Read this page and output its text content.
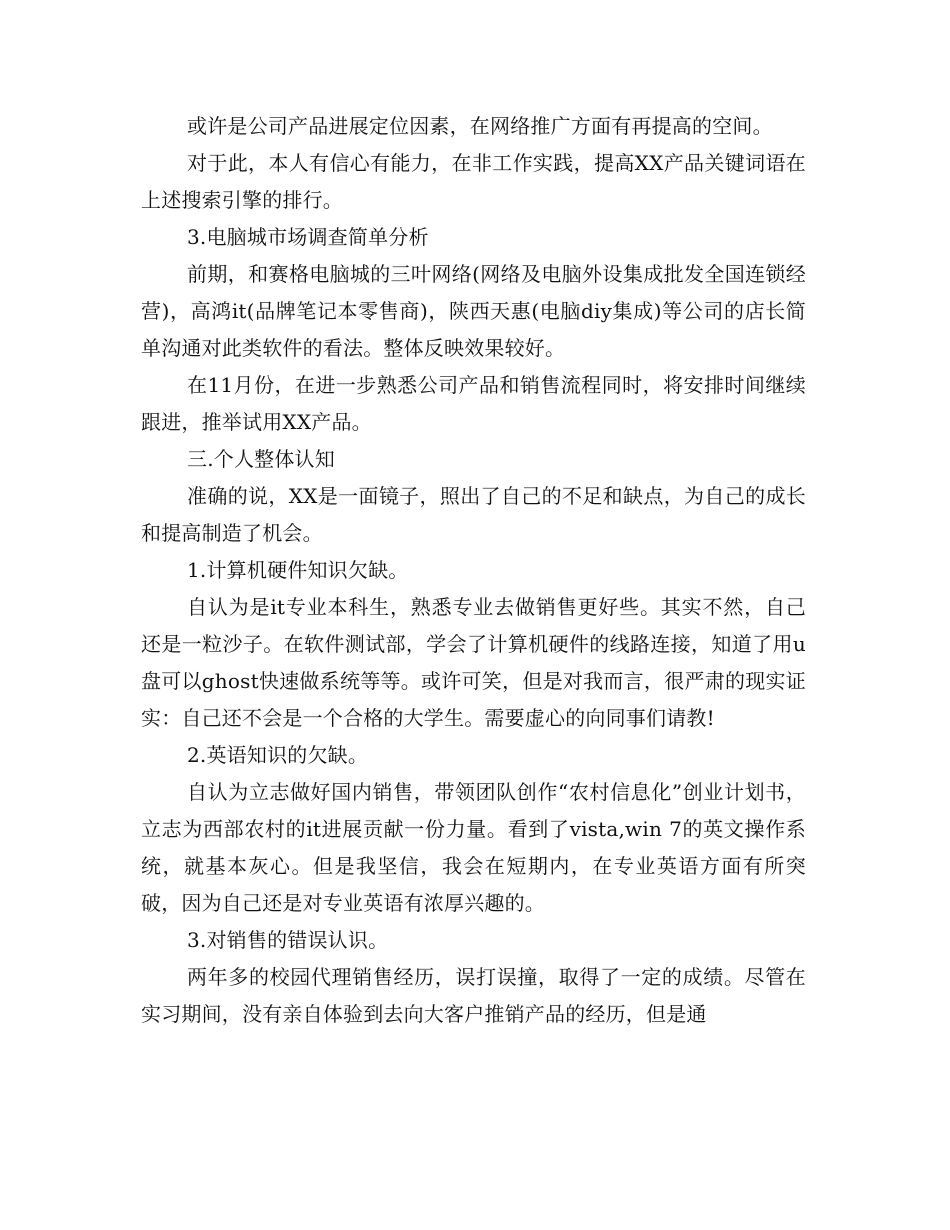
或许是公司产品进展定位因素，在网络推广方面有再提高的空间。

对于此，本人有信心有能力，在非工作实践，提高XX产品关键词语在上述搜索引擎的排行。

3.电脑城市场调查简单分析

前期，和赛格电脑城的三叶网络(网络及电脑外设集成批发全国连锁经营)，高鸿it(品牌笔记本零售商)，陕西天惠(电脑diy集成)等公司的店长简单沟通对此类软件的看法。整体反映效果较好。

在11月份，在进一步熟悉公司产品和销售流程同时，将安排时间继续跟进，推举试用XX产品。

三.个人整体认知

准确的说，XX是一面镜子，照出了自己的不足和缺点，为自己的成长和提高制造了机会。

1.计算机硬件知识欠缺。

自认为是it专业本科生，熟悉专业去做销售更好些。其实不然，自己还是一粒沙子。在软件测试部，学会了计算机硬件的线路连接，知道了用u盘可以ghost快速做系统等等。或许可笑，但是对我而言，很严肃的现实证实：自己还不会是一个合格的大学生。需要虚心的向同事们请教!

2.英语知识的欠缺。

自认为立志做好国内销售，带领团队创作“农村信息化”创业计划书，立志为西部农村的it进展贡献一份力量。看到了vista,win 7的英文操作系统，就基本灰心。但是我坚信，我会在短期内，在专业英语方面有所突破，因为自己还是对专业英语有浓厚兴趣的。

3.对销售的错误认识。

两年多的校园代理销售经历，误打误撞，取得了一定的成绩。尽管在实习期间，没有亲自体验到去向大客户推销产品的经历，但是通
